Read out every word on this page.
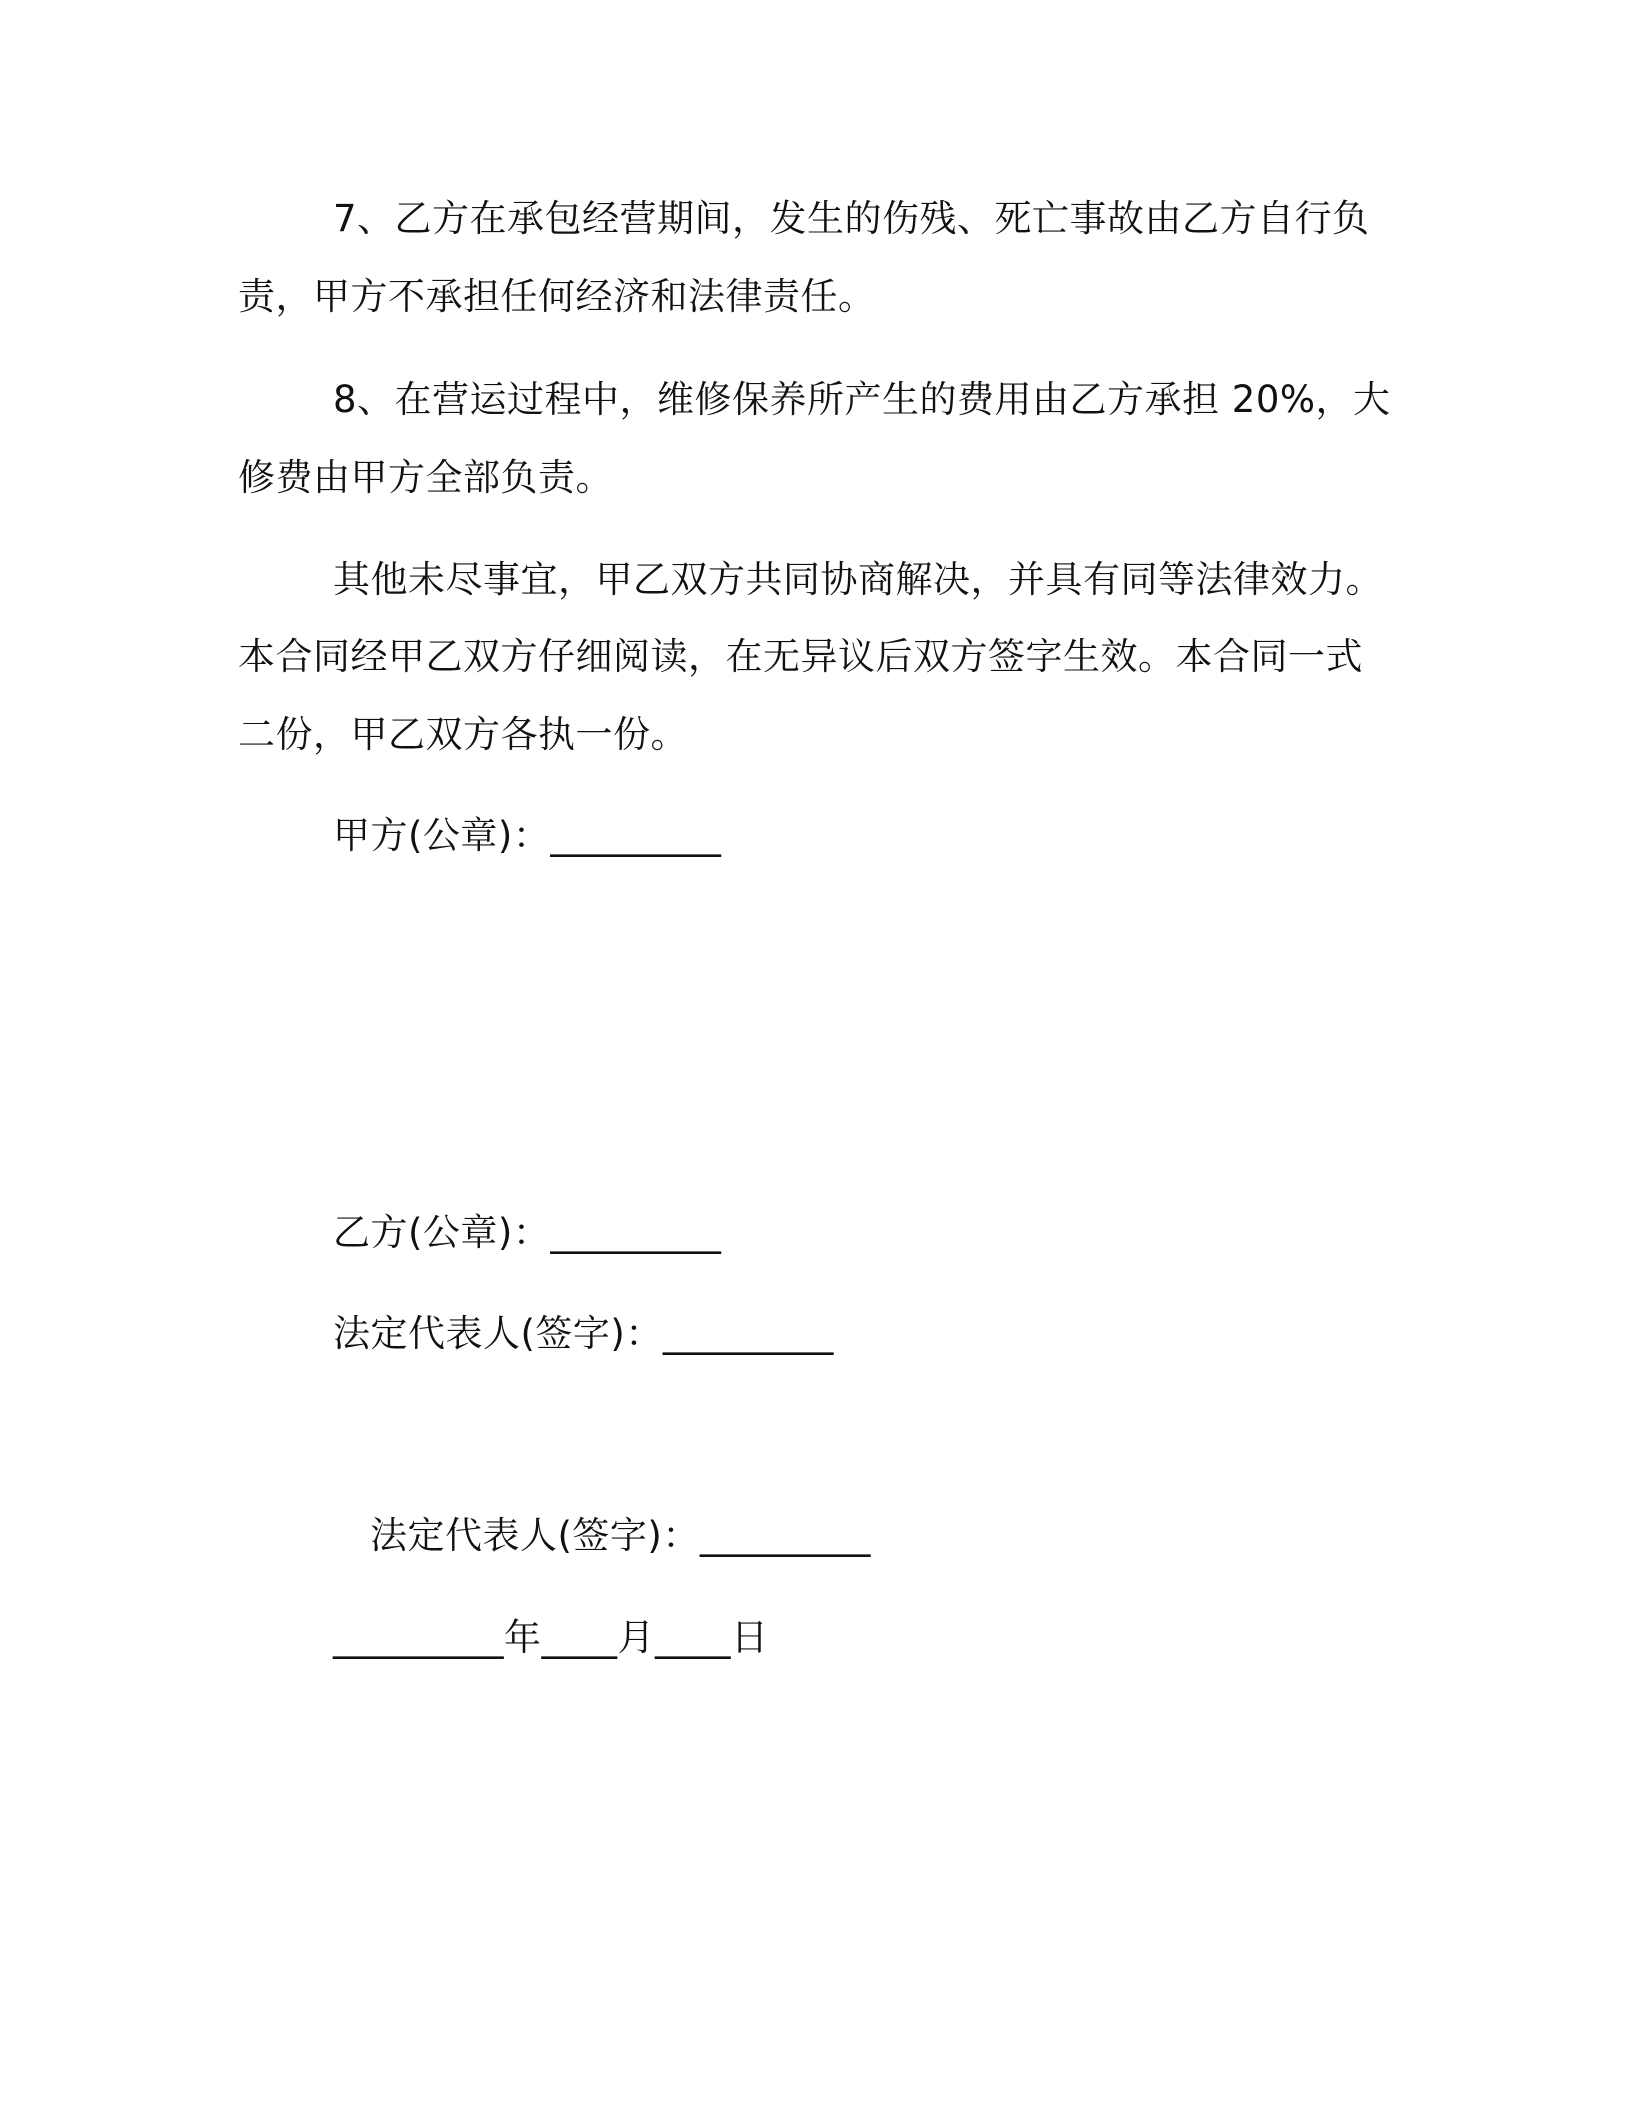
7、乙方在承包经营期间，发生的伤残、死亡事故由乙方自行负
责，甲方不承担任何经济和法律责任。
8、在营运过程中，维修保养所产生的费用由乙方承担 20%，大
修费由甲方全部负责。
其他未尽事宜，甲乙双方共同协商解决，并具有同等法律效力。
本合同经甲乙双方仔细阅读，在无异议后双方签字生效。本合同一式
二份，甲乙双方各执一份。
甲方(公章)：_________
乙方(公章)：_________
法定代表人(签字)：_________
法定代表人(签字)：_________
_________年____月____日
